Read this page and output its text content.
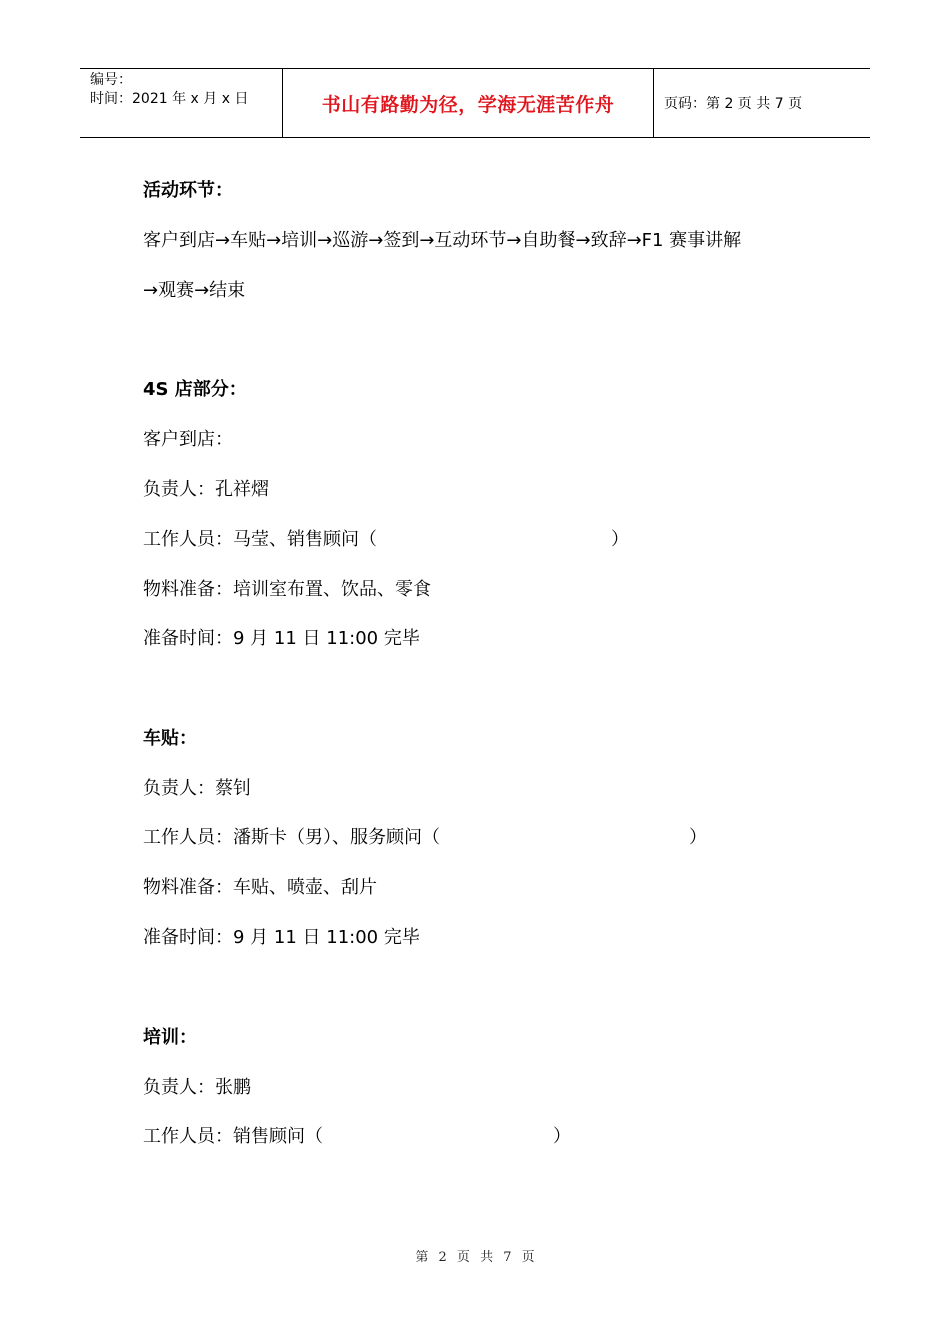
编号：
时间：2021 年 x 月 x 日	书山有路勤为径，学海无涯苦作舟	页码：第 2 页 共 7 页
活动环节：
客户到店→车贴→培训→巡游→签到→互动环节→自助餐→致辞→F1 赛事讲解
→观赛→结束
4S 店部分：
客户到店：
负责人：孔祥熠
工作人员：马莹、销售顾问（	）
物料准备：培训室布置、饮品、零食
准备时间：9 月 11 日 11:00 完毕
车贴：
负责人：蔡钊
工作人员：潘斯卡（男）、服务顾问（	）
物料准备：车贴、喷壶、刮片
准备时间：9 月 11 日 11:00 完毕
培训：
负责人：张鹏
工作人员：销售顾问（	）
第 2 页 共 7 页
